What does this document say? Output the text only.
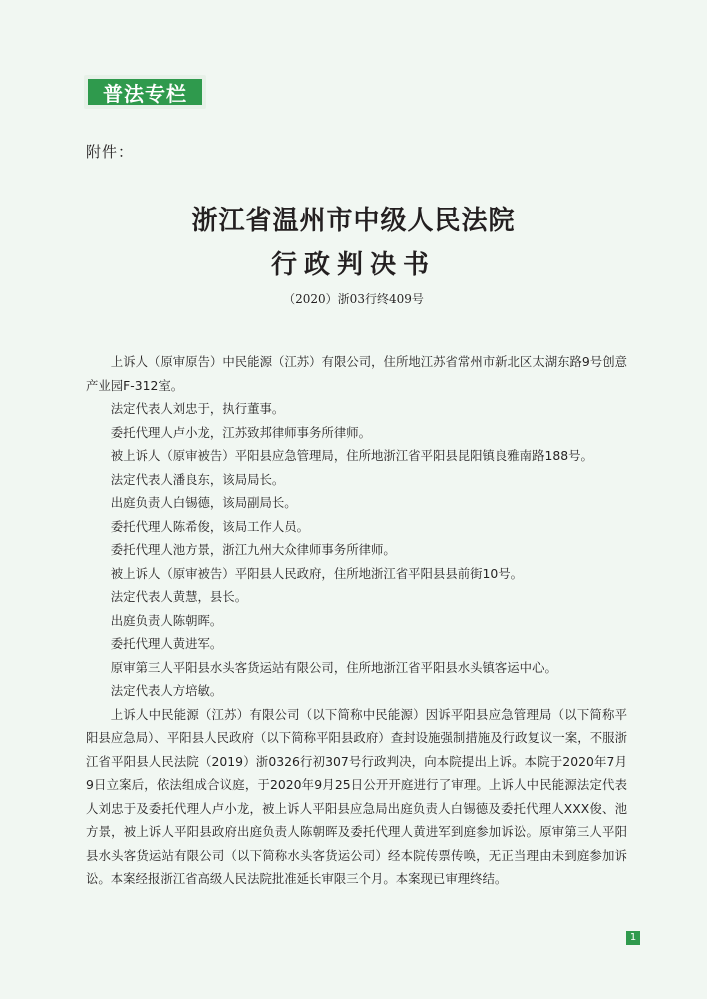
普法专栏
附件：
浙江省温州市中级人民法院
行政判决书
（2020）浙03行终409号

上诉人（原审原告）中民能源（江苏）有限公司，住所地江苏省常州市新北区太湖东路9号创意产业园F-312室。

法定代表人刘忠于，执行董事。

委托代理人卢小龙，江苏致邦律师事务所律师。

被上诉人（原审被告）平阳县应急管理局，住所地浙江省平阳县昆阳镇良雅南路188号。

法定代表人潘良东，该局局长。

出庭负责人白锡德，该局副局长。

委托代理人陈希俊，该局工作人员。

委托代理人池方景，浙江九州大众律师事务所律师。

被上诉人（原审被告）平阳县人民政府，住所地浙江省平阳县县前街10号。

法定代表人黄慧，县长。

出庭负责人陈朝晖。

委托代理人黄进军。

原审第三人平阳县水头客货运站有限公司，住所地浙江省平阳县水头镇客运中心。

法定代表人方培敏。

上诉人中民能源（江苏）有限公司（以下简称中民能源）因诉平阳县应急管理局（以下简称平阳县应急局）、平阳县人民政府（以下简称平阳县政府）查封设施强制措施及行政复议一案，不服浙江省平阳县人民法院（2019）浙0326行初307号行政判决，向本院提出上诉。本院于2020年7月9日立案后，依法组成合议庭，于2020年9月25日公开开庭进行了审理。上诉人中民能源法定代表人刘忠于及委托代理人卢小龙，被上诉人平阳县应急局出庭负责人白锡德及委托代理人XXX俊、池方景，被上诉人平阳县政府出庭负责人陈朝晖及委托代理人黄进军到庭参加诉讼。原审第三人平阳县水头客货运站有限公司（以下简称水头客货运公司）经本院传票传唤，无正当理由未到庭参加诉讼。本案经报浙江省高级人民法院批准延长审限三个月。本案现已审理终结。

1
